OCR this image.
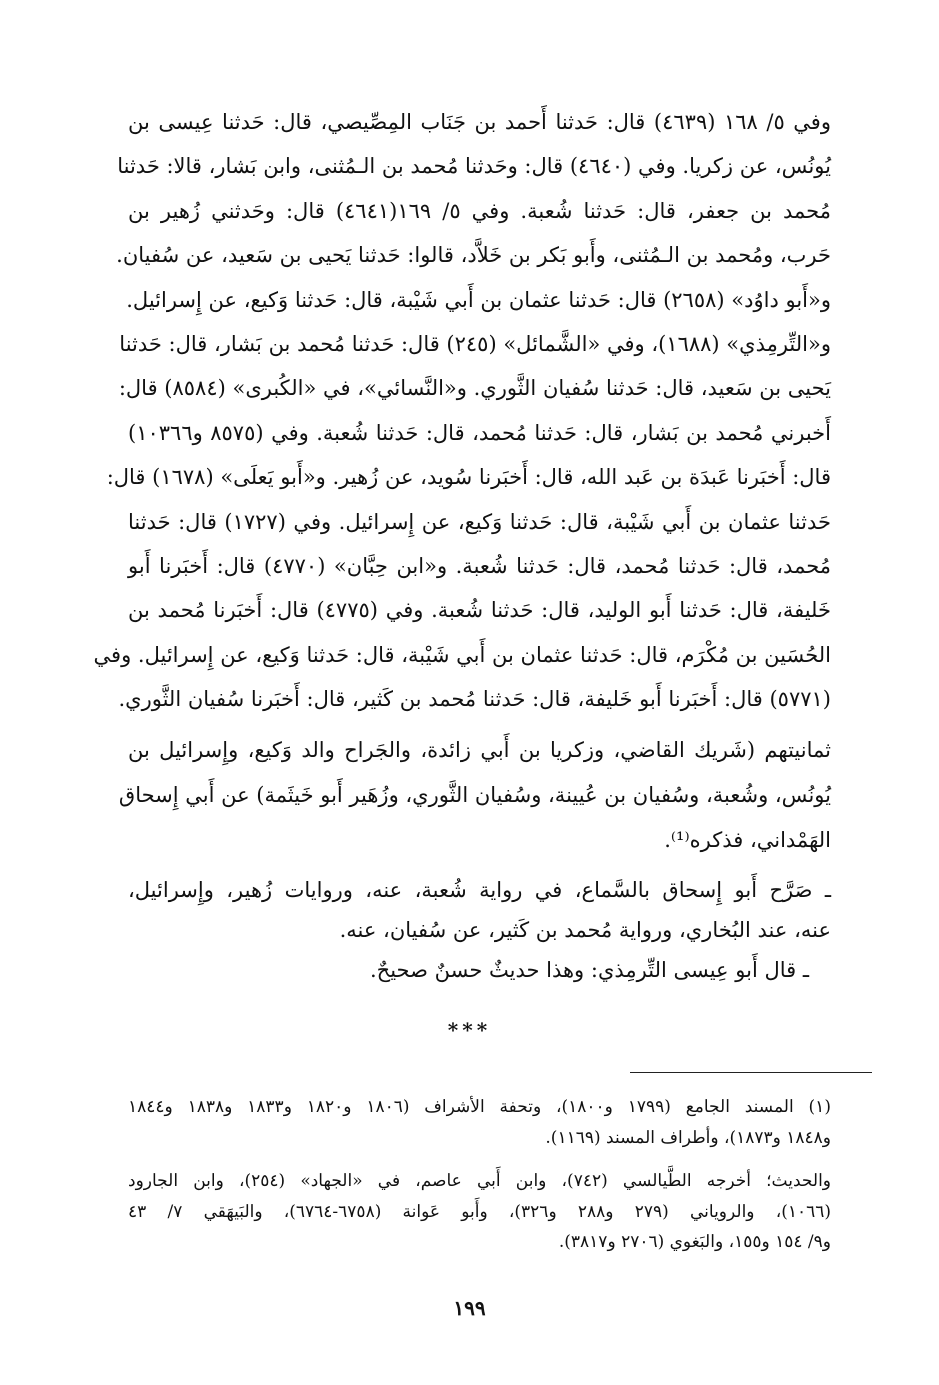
وفي ٥/ ١٦٨ (٤٦٣٩) قال: حَدثنا أَحمد بن جَنَاب المِصِّيصي، قال: حَدثنا عِيسى بن
يُونُس، عن زكريا. وفي (٤٦٤٠) قال: وحَدثنا مُحمد بن الـمُثنى، وابن بَشار، قالا: حَدثنا
مُحمد بن جعفر، قال: حَدثنا شُعبة. وفي ٥/ ١٦٩(٤٦٤١) قال: وحَدثني زُهير بن
حَرب، ومُحمد بن الـمُثنى، وأَبو بَكر بن خَلاَّد، قالوا: حَدثنا يَحيى بن سَعيد، عن سُفيان.
و«أَبو داوُد» (٢٦٥٨) قال: حَدثنا عثمان بن أَبي شَيْبة، قال: حَدثنا وَكيع، عن إِسرائيل.
و«التِّرمِذي» (١٦٨٨)، وفي «الشَّمائل» (٢٤٥) قال: حَدثنا مُحمد بن بَشار، قال: حَدثنا
يَحيى بن سَعيد، قال: حَدثنا سُفيان الثَّوري. و«النَّسائي»، في «الكُبرى» (٨٥٨٤) قال:
أَخبرني مُحمد بن بَشار، قال: حَدثنا مُحمد، قال: حَدثنا شُعبة. وفي (٨٥٧٥ و١٠٣٦٦)
قال: أَخبَرنا عَبدَة بن عَبد الله، قال: أَخبَرنا سُويد، عن زُهير. و«أَبو يَعلَى» (١٦٧٨) قال:
حَدثنا عثمان بن أَبي شَيْبة، قال: حَدثنا وَكيع، عن إِسرائيل. وفي (١٧٢٧) قال: حَدثنا
مُحمد، قال: حَدثنا مُحمد، قال: حَدثنا شُعبة. و«ابن حِبَّان» (٤٧٧٠) قال: أَخبَرنا أَبو
خَليفة، قال: حَدثنا أَبو الوليد، قال: حَدثنا شُعبة. وفي (٤٧٧٥) قال: أَخبَرنا مُحمد بن
الحُسَين بن مُكْرَم، قال: حَدثنا عثمان بن أَبي شَيْبة، قال: حَدثنا وَكيع، عن إِسرائيل. وفي
(٥٧٧١) قال: أَخبَرنا أَبو خَليفة، قال: حَدثنا مُحمد بن كَثير، قال: أَخبَرنا سُفيان الثَّوري.
ثمانيتهم (شَريك القاضي، وزكريا بن أَبي زائدة، والجَراح والد وَكيع، وإِسرائيل بن
يُونُس، وشُعبة، وسُفيان بن عُيينة، وسُفيان الثَّوري، وزُهَير أَبو خَيثَمة) عن أَبي إِسحاق
الهَمْداني، فذكره⁽¹⁾.
ـ صَرَّح أَبو إِسحاق بالسَّماع، في رواية شُعبة، عنه، وروايات زُهير، وإِسرائيل،
عنه، عند البُخاري، ورواية مُحمد بن كَثير، عن سُفيان، عنه.
ـ قال أَبو عِيسى التِّرمِذي: وهذا حديثٌ حسنٌ صحيحٌ.
***
(١) المسند الجامع (١٧٩٩ و١٨٠٠)، وتحفة الأشراف (١٨٠٦ و١٨٢٠ و١٨٣٣ و١٨٣٨ و١٨٤٤
و١٨٤٨ و١٨٧٣)، وأطراف المسند (١١٦٩).
والحديث؛ أخرجه الطَّيالسي (٧٤٢)، وابن أَبي عاصم، في «الجهاد» (٢٥٤)، وابن الجارود
(١٠٦٦)، والروياني (٢٧٩ و٢٨٨ و٣٢٦)، وأَبو عَوانة (٦٧٥٨-٦٧٦٤)، والبَيهَقي ٧/ ٤٣
و٩/ ١٥٤ و١٥٥، والبَغوي (٢٧٠٦ و٣٨١٧).
١٩٩
